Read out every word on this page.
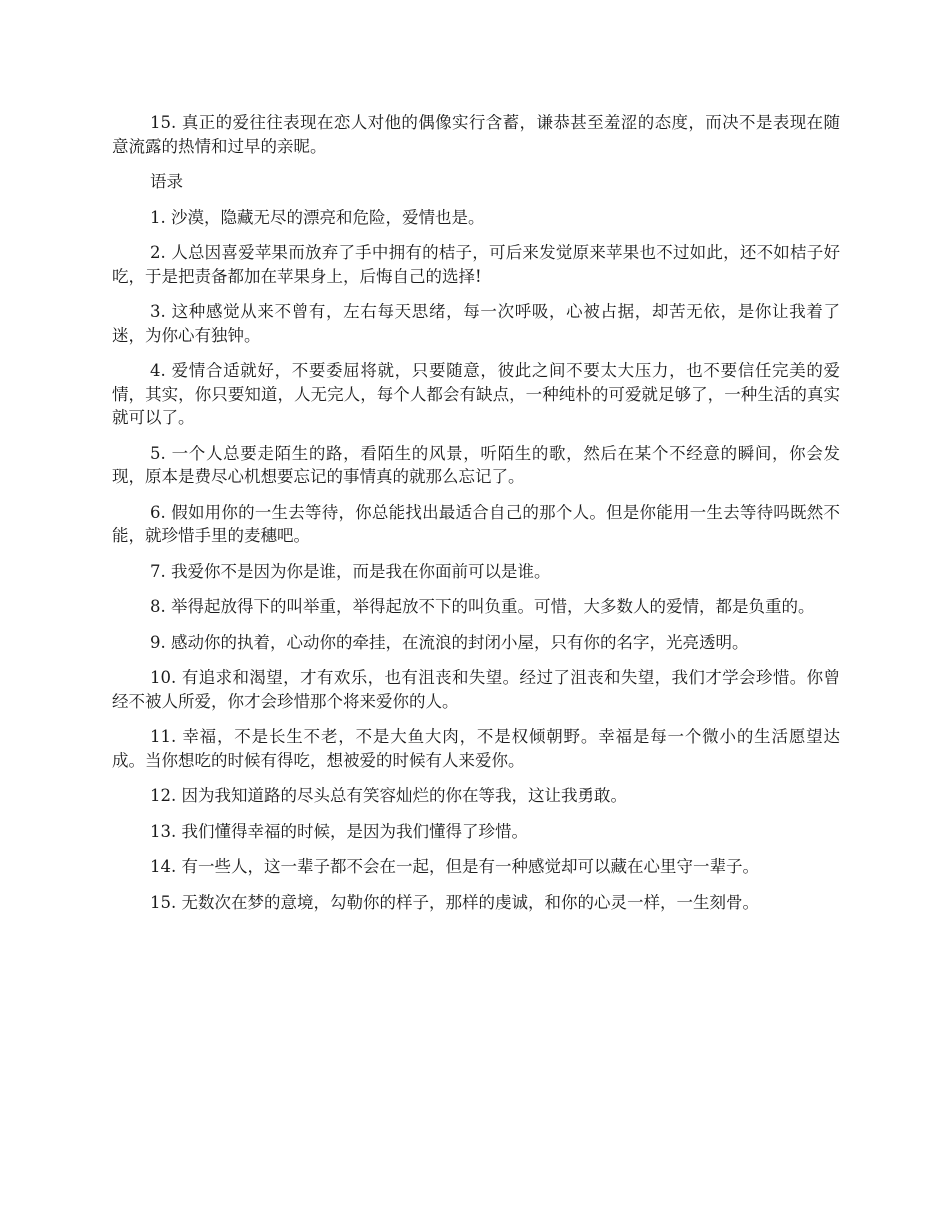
15. 真正的爱往往表现在恋人对他的偶像实行含蓄，谦恭甚至羞涩的态度，而决不是表现在随意流露的热情和过早的亲昵。

语录

1. 沙漠，隐藏无尽的漂亮和危险，爱情也是。

2. 人总因喜爱苹果而放弃了手中拥有的桔子，可后来发觉原来苹果也不过如此，还不如桔子好吃，于是把责备都加在苹果身上，后悔自己的选择!

3. 这种感觉从来不曾有，左右每天思绪，每一次呼吸，心被占据，却苦无依，是你让我着了迷，为你心有独钟。

4. 爱情合适就好，不要委屈将就，只要随意，彼此之间不要太大压力，也不要信任完美的爱情，其实，你只要知道，人无完人，每个人都会有缺点，一种纯朴的可爱就足够了，一种生活的真实就可以了。

5. 一个人总要走陌生的路，看陌生的风景，听陌生的歌，然后在某个不经意的瞬间，你会发现，原本是费尽心机想要忘记的事情真的就那么忘记了。

6. 假如用你的一生去等待，你总能找出最适合自己的那个人。但是你能用一生去等待吗既然不能，就珍惜手里的麦穗吧。

7. 我爱你不是因为你是谁，而是我在你面前可以是谁。

8. 举得起放得下的叫举重，举得起放不下的叫负重。可惜，大多数人的爱情，都是负重的。

9. 感动你的执着，心动你的牵挂，在流浪的封闭小屋，只有你的名字，光亮透明。

10. 有追求和渴望，才有欢乐，也有沮丧和失望。经过了沮丧和失望，我们才学会珍惜。你曾经不被人所爱，你才会珍惜那个将来爱你的人。

11. 幸福，不是长生不老，不是大鱼大肉，不是权倾朝野。幸福是每一个微小的生活愿望达成。当你想吃的时候有得吃，想被爱的时候有人来爱你。

12. 因为我知道路的尽头总有笑容灿烂的你在等我，这让我勇敢。

13. 我们懂得幸福的时候，是因为我们懂得了珍惜。

14. 有一些人，这一辈子都不会在一起，但是有一种感觉却可以藏在心里守一辈子。

15. 无数次在梦的意境，勾勒你的样子，那样的虔诚，和你的心灵一样，一生刻骨。
